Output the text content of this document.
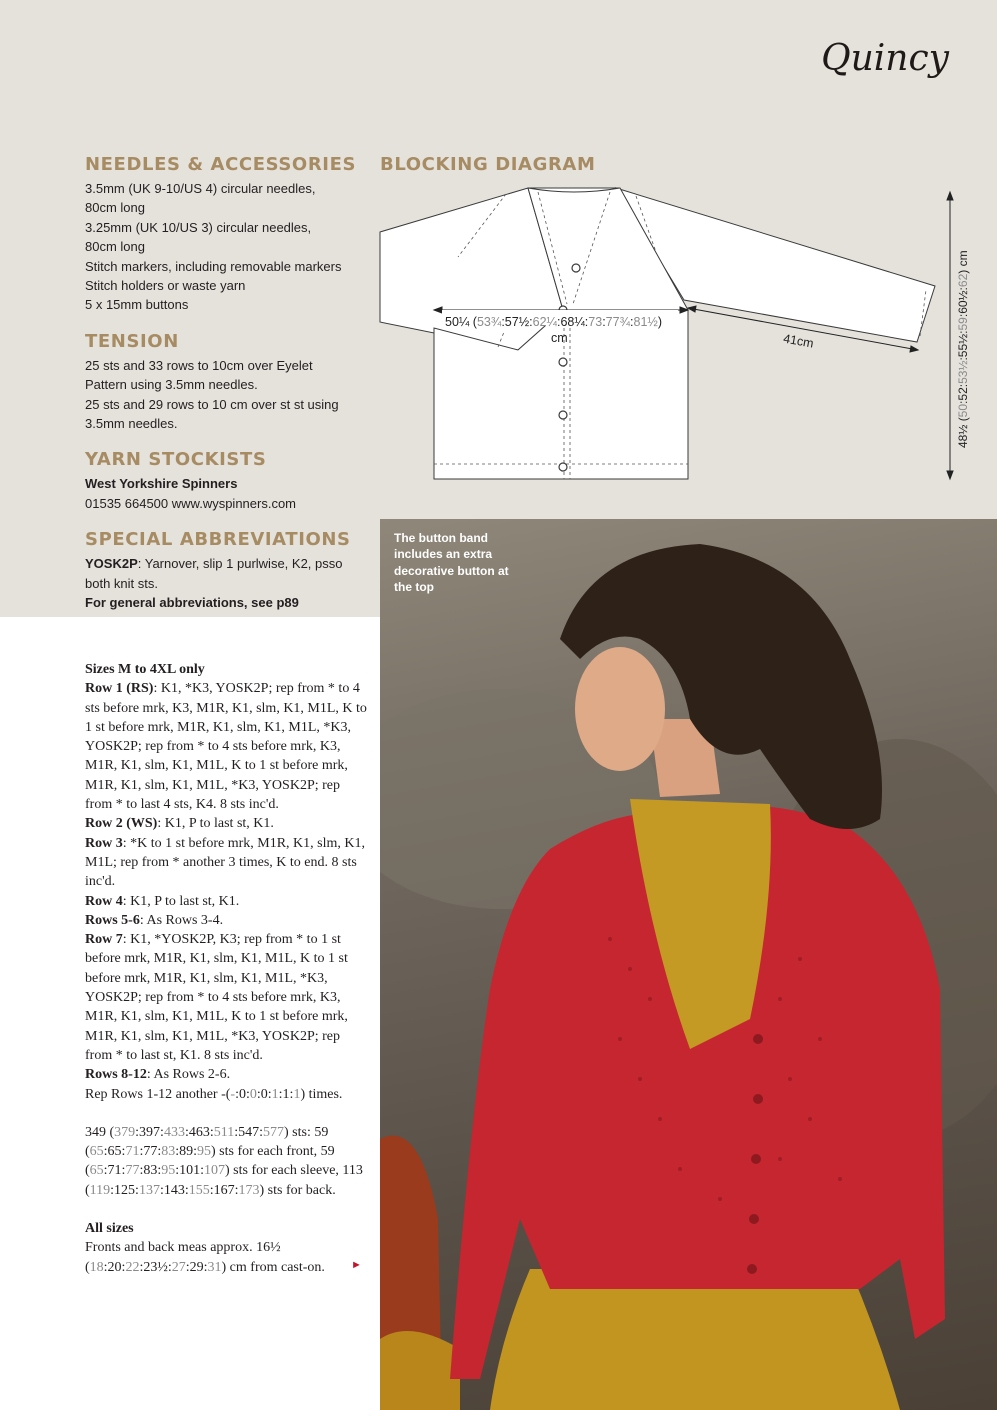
Quincy
NEEDLES & ACCESSORIES

3.5mm (UK 9-10/US 4) circular needles,

80cm long

3.25mm (UK 10/US 3) circular needles,

80cm long

Stitch markers, including removable markers

Stitch holders or waste yarn

5 x 15mm buttons

TENSION

25 sts and 33 rows to 10cm over Eyelet

Pattern using 3.5mm needles.

25 sts and 29 rows to 10 cm over st st using

3.5mm needles.

YARN STOCKISTS

West Yorkshire Spinners

01535 664500 www.wyspinners.com

SPECIAL ABBREVIATIONS

YOSK2P: Yarnover, slip 1 purlwise, K2, psso both knit sts.

For general abbreviations, see p89

BLOCKING DIAGRAM
50¼ (53¾:57½:62¼:68¼:73:77¾:81½)
cm	41cm
48½ (50:52:53½:55½:59:60½:62) cm
The button band includes an extra decorative button at the top

Sizes M to 4XL only

Row 1 (RS): K1, *K3, YOSK2P; rep from * to 4 sts before mrk, K3, M1R, K1, slm, K1, M1L, K to 1 st before mrk, M1R, K1, slm, K1, M1L, *K3, YOSK2P; rep from * to 4 sts before mrk, K3, M1R, K1, slm, K1, M1L, K to 1 st before mrk, M1R, K1, slm, K1, M1L, *K3, YOSK2P; rep from * to last 4 sts, K4. 8 sts inc'd.

Row 2 (WS): K1, P to last st, K1.

Row 3: *K to 1 st before mrk, M1R, K1, slm, K1, M1L; rep from * another 3 times, K to end. 8 sts inc'd.

Row 4: K1, P to last st, K1.

Rows 5-6: As Rows 3-4.

Row 7: K1, *YOSK2P, K3; rep from * to 1 st before mrk, M1R, K1, slm, K1, M1L, K to 1 st before mrk, M1R, K1, slm, K1, M1L, *K3, YOSK2P; rep from * to 4 sts before mrk, K3, M1R, K1, slm, K1, M1L, K to 1 st before mrk, M1R, K1, slm, K1, M1L, *K3, YOSK2P; rep from * to last st, K1. 8 sts inc'd.

Rows 8-12: As Rows 2-6.

Rep Rows 1-12 another -(-:0:0:0:1:1:1) times.

349 (379:397:433:463:511:547:577) sts: 59 (65:65:71:77:83:89:95) sts for each front, 59 (65:71:77:83:95:101:107) sts for each sleeve, 113 (119:125:137:143:155:167:173) sts for back.

All sizes

Fronts and back meas approx. 16½ (18:20:22:23½:27:29:31) cm from cast-on.	►
